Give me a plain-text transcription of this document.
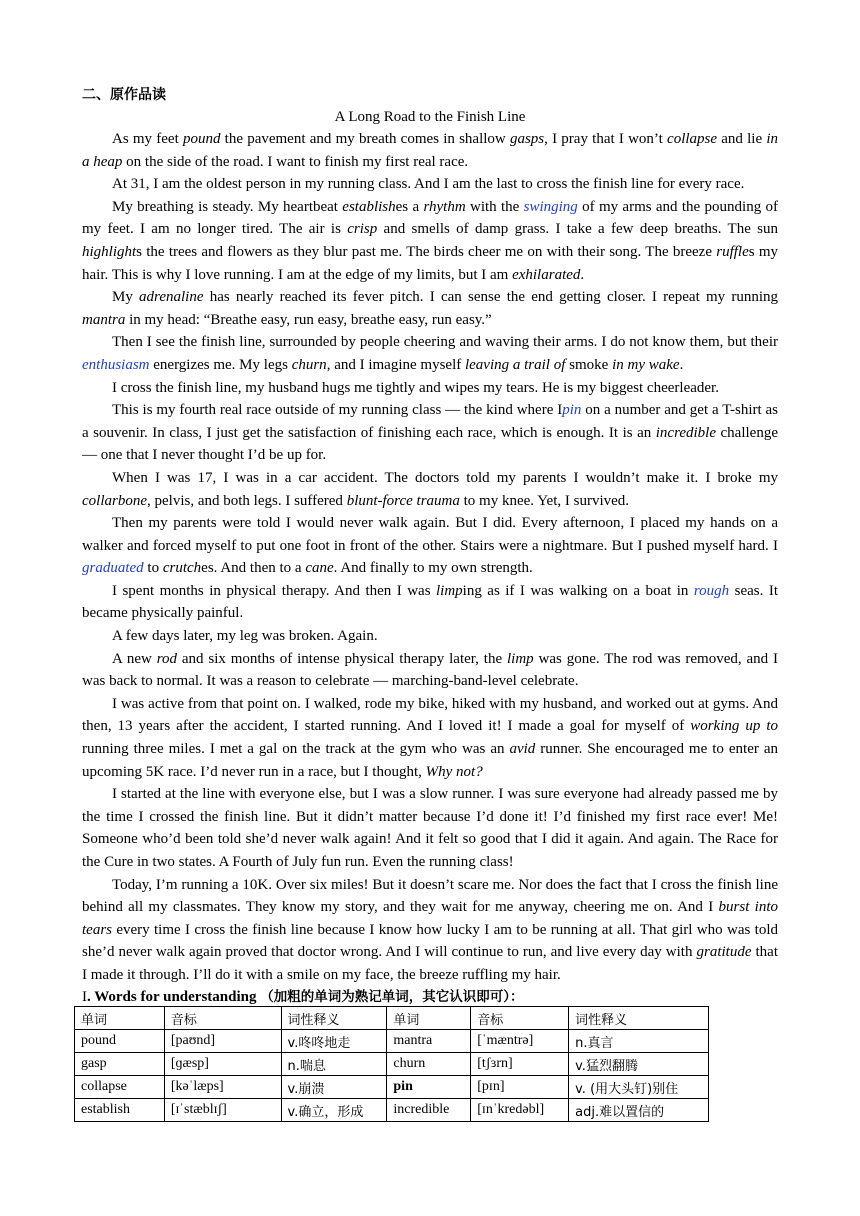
二、原作品读
A Long Road to the Finish Line

As my feet pound the pavement and my breath comes in shallow gasps, I pray that I won’t collapse and lie in a heap on the side of the road. I want to finish my first real race.

At 31, I am the oldest person in my running class. And I am the last to cross the finish line for every race.

My breathing is steady. My heartbeat establishes a rhythm with the swinging of my arms and the pounding of my feet. I am no longer tired. The air is crisp and smells of damp grass. I take a few deep breaths. The sun highlights the trees and flowers as they blur past me. The birds cheer me on with their song. The breeze ruffles my hair. This is why I love running. I am at the edge of my limits, but I am exhilarated.

My adrenaline has nearly reached its fever pitch. I can sense the end getting closer. I repeat my running mantra in my head: “Breathe easy, run easy, breathe easy, run easy.”

Then I see the finish line, surrounded by people cheering and waving their arms. I do not know them, but their enthusiasm energizes me. My legs churn, and I imagine myself leaving a trail of smoke in my wake.

I cross the finish line, my husband hugs me tightly and wipes my tears. He is my biggest cheerleader.

This is my fourth real race outside of my running class — the kind where Ipin on a number and get a T-shirt as a souvenir. In class, I just get the satisfaction of finishing each race, which is enough. It is an incredible challenge — one that I never thought I’d be up for.

When I was 17, I was in a car accident. The doctors told my parents I wouldn’t make it. I broke my collarbone, pelvis, and both legs. I suffered blunt-force trauma to my knee. Yet, I survived.

Then my parents were told I would never walk again. But I did. Every afternoon, I placed my hands on a walker and forced myself to put one foot in front of the other. Stairs were a nightmare. But I pushed myself hard. I graduated to crutches. And then to a cane. And finally to my own strength.

I spent months in physical therapy. And then I was limping as if I was walking on a boat in rough seas. It became physically painful.

A few days later, my leg was broken. Again.

A new rod and six months of intense physical therapy later, the limp was gone. The rod was removed, and I was back to normal. It was a reason to celebrate — marching-band-level celebrate.

I was active from that point on. I walked, rode my bike, hiked with my husband, and worked out at gyms. And then, 13 years after the accident, I started running. And I loved it! I made a goal for myself of working up to running three miles. I met a gal on the track at the gym who was an avid runner. She encouraged me to enter an upcoming 5K race. I’d never run in a race, but I thought, Why not?

I started at the line with everyone else, but I was a slow runner. I was sure everyone had already passed me by the time I crossed the finish line. But it didn’t matter because I’d done it! I’d finished my first race ever! Me! Someone who’d been told she’d never walk again! And it felt so good that I did it again. And again. The Race for the Cure in two states. A Fourth of July fun run. Even the running class!

Today, I’m running a 10K. Over six miles! But it doesn’t scare me. Nor does the fact that I cross the finish line behind all my classmates. They know my story, and they wait for me anyway, cheering me on. And I burst into tears every time I cross the finish line because I know how lucky I am to be running at all. That girl who was told she’d never walk again proved that doctor wrong. And I will continue to run, and live every day with gratitude that I made it through. I’ll do it with a smile on my face, the breeze ruffling my hair.

I. Words for understanding （加粗的单词为熟记单词，其它认识即可）：
单词	音标	词性释义	单词	音标	词性释义
pound	[paʊnd]	v.咚咚地走	mantra	[ˈmæntrə]	n.真言
gasp	[ɡæsp]	n.喘息	churn	[tʃɜrn]	v.猛烈翻腾
collapse	[kəˈlæps]	v.崩溃	pin	[pɪn]	v. (用大头钉)别住
establish	[ɪˈstæblɪʃ]	v.确立，形成	incredible	[ɪnˈkredəbl]	adj.难以置信的
